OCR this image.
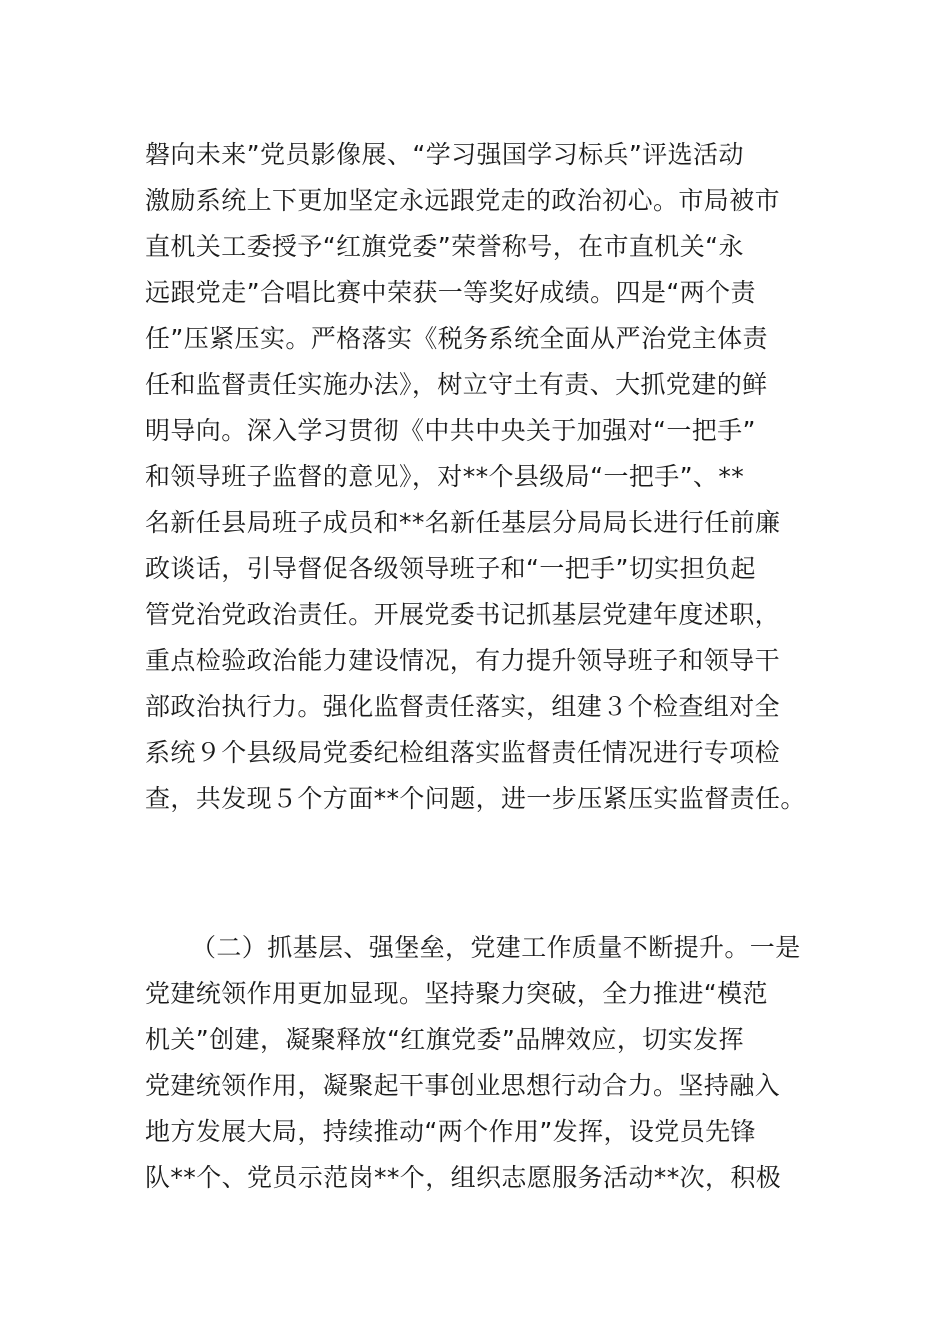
磐向未来”党员影像展、“学习强国学习标兵”评选活动
激励系统上下更加坚定永远跟党走的政治初心。市局被市
直机关工委授予“红旗党委”荣誉称号，在市直机关“永
远跟党走”合唱比赛中荣获一等奖好成绩。四是“两个责
任”压紧压实。严格落实《税务系统全面从严治党主体责
任和监督责任实施办法》，树立守土有责、大抓党建的鲜
明导向。深入学习贯彻《中共中央关于加强对“一把手”
和领导班子监督的意见》，对**个县级局“一把手”、**
名新任县局班子成员和**名新任基层分局局长进行任前廉
政谈话，引导督促各级领导班子和“一把手”切实担负起
管党治党政治责任。开展党委书记抓基层党建年度述职，
重点检验政治能力建设情况，有力提升领导班子和领导干
部政治执行力。强化监督责任落实，组建３个检查组对全
系统９个县级局党委纪检组落实监督责任情况进行专项检
查，共发现５个方面**个问题，进一步压紧压实监督责任。
（二）抓基层、强堡垒，党建工作质量不断提升。一是
党建统领作用更加显现。坚持聚力突破，全力推进“模范
机关”创建，凝聚释放“红旗党委”品牌效应，切实发挥
党建统领作用，凝聚起干事创业思想行动合力。坚持融入
地方发展大局，持续推动“两个作用”发挥，设党员先锋
队**个、党员示范岗**个，组织志愿服务活动**次，积极
